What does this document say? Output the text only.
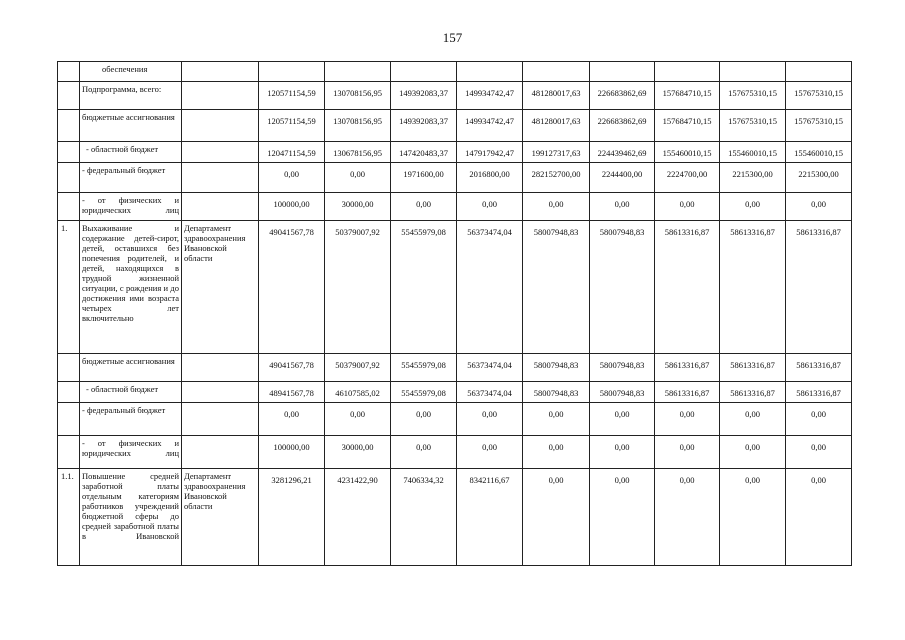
157
	обеспечения										
	Подпрограмма, всего:		120571154,59	130708156,95	149392083,37	149934742,47	481280017,63	226683862,69	157684710,15	157675310,15	157675310,15
	бюджетные ассигнования		120571154,59	130708156,95	149392083,37	149934742,47	481280017,63	226683862,69	157684710,15	157675310,15	157675310,15
	- областной бюджет		120471154,59	130678156,95	147420483,37	147917942,47	199127317,63	224439462,69	155460010,15	155460010,15	155460010,15
	- федеральный бюджет		0,00	0,00	1971600,00	2016800,00	282152700,00	2244400,00	2224700,00	2215300,00	2215300,00
	- от физических и юридических лиц		100000,00	30000,00	0,00	0,00	0,00	0,00	0,00	0,00	0,00
1.	Выхаживание и содержание детей-сирот, детей, оставшихся без попечения родителей, и детей, находящихся в трудной жизненной ситуации, с рождения и до достижения ими возраста четырех лет включительно	Департамент здравоохранения Ивановской области	49041567,78	50379007,92	55455979,08	56373474,04	58007948,83	58007948,83	58613316,87	58613316,87	58613316,87
	бюджетные ассигнования		49041567,78	50379007,92	55455979,08	56373474,04	58007948,83	58007948,83	58613316,87	58613316,87	58613316,87
	- областной бюджет		48941567,78	46107585,02	55455979,08	56373474,04	58007948,83	58007948,83	58613316,87	58613316,87	58613316,87
	- федеральный бюджет		0,00	0,00	0,00	0,00	0,00	0,00	0,00	0,00	0,00
	- от физических и юридических лиц		100000,00	30000,00	0,00	0,00	0,00	0,00	0,00	0,00	0,00
1.1.	Повышение средней заработной платы отдельным категориям работников учреждений бюджетной сферы до средней заработной платы в Ивановской	Департамент здравоохранения Ивановской области	3281296,21	4231422,90	7406334,32	8342116,67	0,00	0,00	0,00	0,00	0,00
